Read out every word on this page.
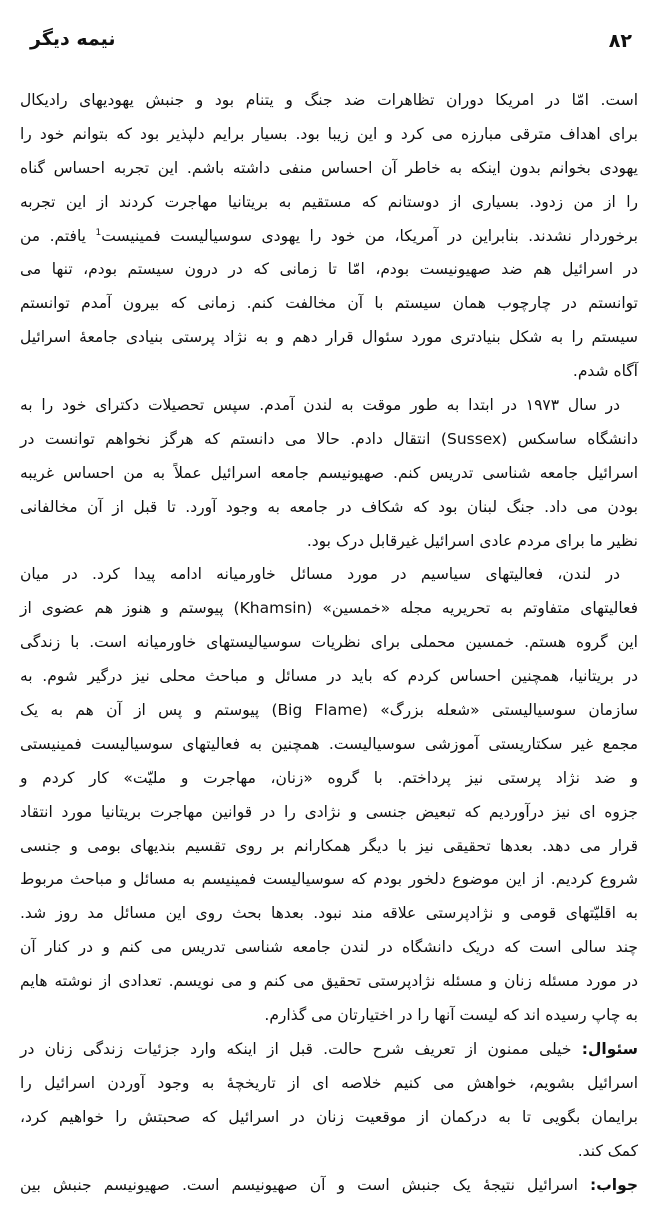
نیمه دیگر	۸۲
است. امّا در امریکا دوران تظاهرات ضد جنگ و یتنام بود و جنبش یهودیهای رادیکال
برای اهداف مترقی مبارزه می کرد و این زیبا بود. بسیار برایم دلپذیر بود که بتوانم خود را
یهودی بخوانم بدون اینکه به خاطر آن احساس منفی داشته باشم. این تجربه احساس گناه
را از من زدود. بسیاری از دوستانم که مستقیم به بریتانیا مهاجرت کردند از این تجربه
برخوردار نشدند. بنابراین در آمریکا، من خود را یهودی سوسیالیست فمینیست$^1$ یافتم. من
در اسرائیل هم ضد صهیونیست بودم، امّا تا زمانی که در درون سیستم بودم، تنها می
توانستم در چارچوب همان سیستم با آن مخالفت کنم. زمانی که بیرون آمدم توانستم
سیستم را به شکل بنیادتری مورد سئوال قرار دهم و به نژاد پرستی بنیادی جامعهٔ اسرائیل
آگاه شدم.
در سال ۱۹۷۳ در ابتدا به طور موقت به لندن آمدم. سپس تحصیلات دکترای خود را به
دانشگاه ساسکس (Sussex) انتقال دادم. حالا می دانستم که هرگز نخواهم توانست در
اسرائیل جامعه شناسی تدریس کنم. صهیونیسم جامعه اسرائیل عملاً به من احساس غریبه
بودن می داد. جنگ لبنان بود که شکاف در جامعه به وجود آورد. تا قبل از آن مخالفانی
نظیر ما برای مردم عادی اسرائیل غیرقابل درک بود.
در لندن، فعالیتهای سیاسیم در مورد مسائل خاورمیانه ادامه پیدا کرد. در میان
فعالیتهای متفاوتم به تحریریه مجله «خمسین» (Khamsin) پیوستم و هنوز هم عضوی از
این گروه هستم. خمسین محملی برای نظریات سوسیالیستهای خاورمیانه است. با زندگی
در بریتانیا، همچنین احساس کردم که باید در مسائل و مباحث محلی نیز درگیر شوم. به
سازمان سوسیالیستی «شعله بزرگ» (Big Flame) پیوستم و پس از آن هم به یک
مجمع غیر سکتاریستی آموزشی سوسیالیست. همچنین به فعالیتهای سوسیالیست فمینیستی
و ضد نژاد پرستی نیز پرداختم. با گروه «زنان، مهاجرت و ملیّت» کار کردم و
جزوه ای نیز درآوردیم که تبعیض جنسی و نژادی را در قوانین مهاجرت بریتانیا مورد انتقاد
قرار می دهد. بعدها تحقیقی نیز با دیگر همکارانم بر روی تقسیم بندیهای بومی و جنسی
شروع کردیم. از این موضوع دلخور بودم که سوسیالیست فمینیسم به مسائل و مباحث مربوط
به اقلیّتهای قومی و نژادپرستی علاقه مند نبود. بعدها بحث روی این مسائل مد روز شد.
چند سالی است که دریک دانشگاه در لندن جامعه شناسی تدریس می کنم و در کنار آن
در مورد مسئله زنان و مسئله نژادپرستی تحقیق می کنم و می نویسم. تعدادی از نوشته هایم
به چاپ رسیده اند که لیست آنها را در اختیارتان می گذارم.
سئوال: خیلی ممنون از تعریف شرح حالت. قبل از اینکه وارد جزئیات زندگی زنان در
اسرائیل بشویم، خواهش می کنیم خلاصه ای از تاریخچهٔ به وجود آوردن اسرائیل را
برایمان بگویی تا به درکمان از موقعیت زنان در اسرائیل که صحبتش را خواهیم کرد،
کمک کند.
جواب: اسرائیل نتیجهٔ یک جنبش است و آن صهیونیسم است. صهیونیسم جنبش بین
